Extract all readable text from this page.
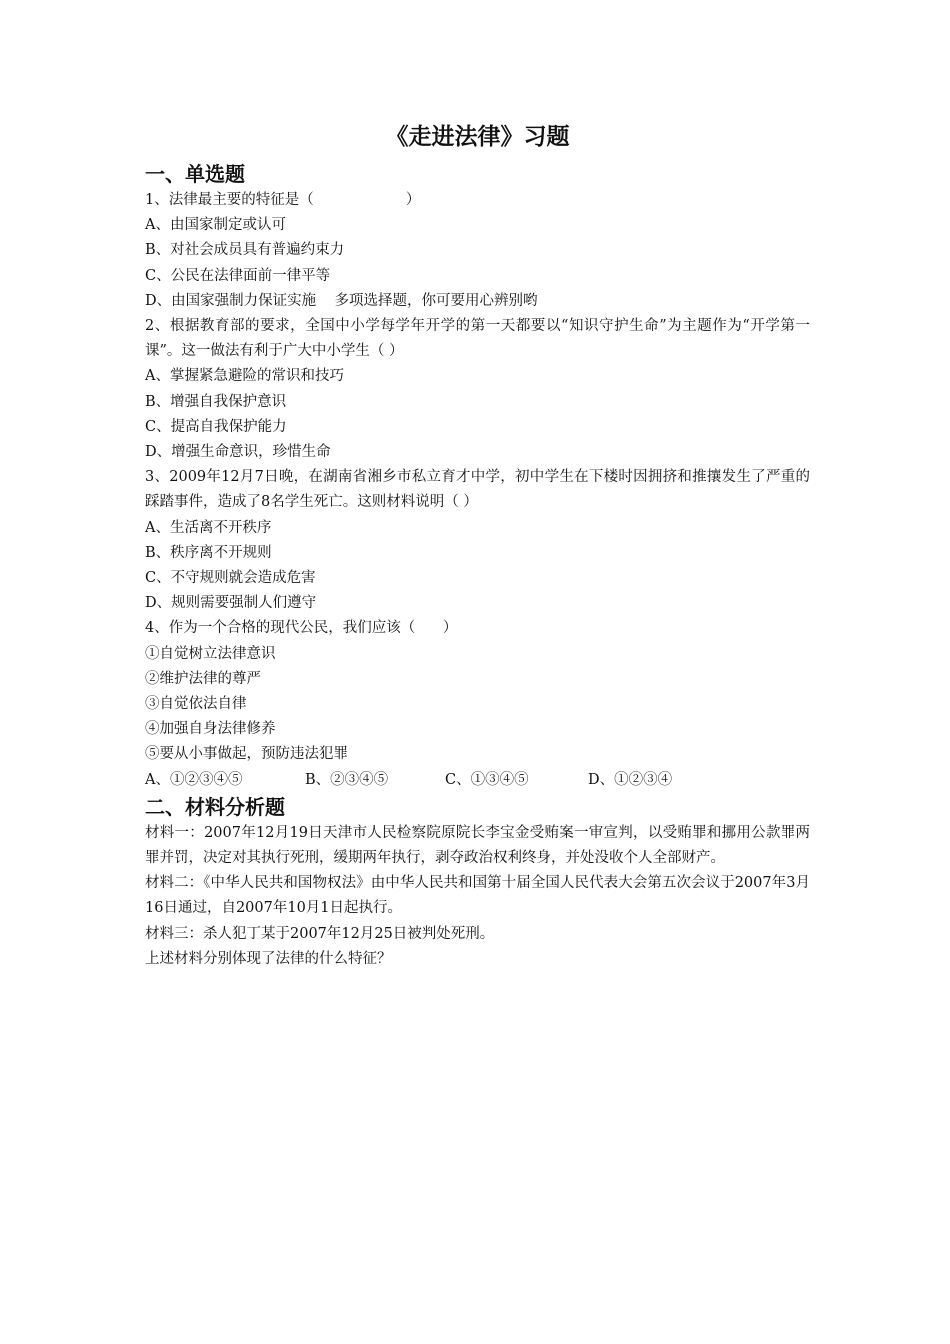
《走进法律》习题
一、单选题
1、法律最主要的特征是（                    ）
A、由国家制定或认可
B、对社会成员具有普遍约束力
C、公民在法律面前一律平等
D、由国家强制力保证实施    多项选择题，你可要用心辨别哟
2、根据教育部的要求，全国中小学每学年开学的第一天都要以“知识守护生命”为主题作为“开学第一课”。这一做法有利于广大中小学生（ ）
A、掌握紧急避险的常识和技巧
B、增强自我保护意识
C、提高自我保护能力
D、增强生命意识，珍惜生命
3、2009年12月7日晚，在湖南省湘乡市私立育才中学，初中学生在下楼时因拥挤和推攘发生了严重的踩踏事件，造成了8名学生死亡。这则材料说明（ ）
A、生活离不开秩序
B、秩序离不开规则
C、不守规则就会造成危害
D、规则需要强制人们遵守
4、作为一个合格的现代公民，我们应该（      ）
①自觉树立法律意识
②维护法律的尊严
③自觉依法自律
④加强自身法律修养
⑤要从小事做起，预防违法犯罪
A、①②③④⑤	B、②③④⑤	C、①③④⑤	D、①②③④
二、材料分析题
材料一：2007年12月19日天津市人民检察院原院长李宝金受贿案一审宣判，以受贿罪和挪用公款罪两罪并罚，决定对其执行死刑，缓期两年执行，剥夺政治权利终身，并处没收个人全部财产。
材料二：《中华人民共和国物权法》由中华人民共和国第十届全国人民代表大会第五次会议于2007年3月16日通过，自2007年10月1日起执行。
材料三：杀人犯丁某于2007年12月25日被判处死刑。
上述材料分别体现了法律的什么特征？
